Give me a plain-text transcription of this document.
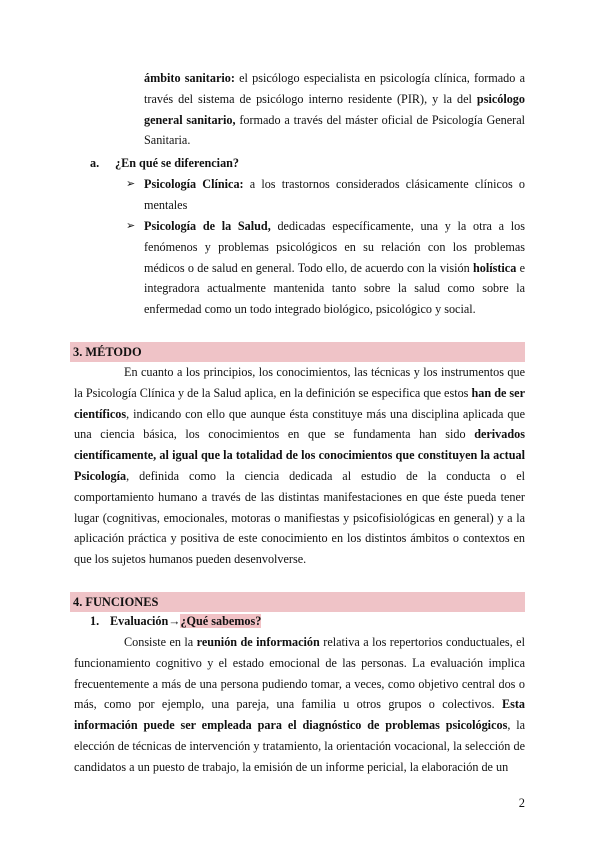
ámbito sanitario: el psicólogo especialista en psicología clínica, formado a través del sistema de psicólogo interno residente (PIR), y la del psicólogo general sanitario, formado a través del máster oficial de Psicología General Sanitaria.

a. ¿En qué se diferencian?
➢ Psicología Clínica: a los trastornos considerados clásicamente clínicos o mentales

➢ Psicología de la Salud, dedicadas específicamente, una y la otra a los fenómenos y problemas psicológicos en su relación con los problemas médicos o de salud en general. Todo ello, de acuerdo con la visión holística e integradora actualmente mantenida tanto sobre la salud como sobre la enfermedad como un todo integrado biológico, psicológico y social.

3. MÉTODO

En cuanto a los principios, los conocimientos, las técnicas y los instrumentos que la Psicología Clínica y de la Salud aplica, en la definición se especifica que estos han de ser científicos, indicando con ello que aunque ésta constituye más una disciplina aplicada que una ciencia básica, los conocimientos en que se fundamenta han sido derivados científicamente, al igual que la totalidad de los conocimientos que constituyen la actual Psicología, definida como la ciencia dedicada al estudio de la conducta o el comportamiento humano a través de las distintas manifestaciones en que éste pueda tener lugar (cognitivas, emocionales, motoras o manifiestas y psicofisiológicas en general) y a la aplicación práctica y positiva de este conocimiento en los distintos ámbitos o contextos en que los sujetos humanos pueden desenvolverse.

4. FUNCIONES
1. Evaluación→¿Qué sabemos?

Consiste en la reunión de información relativa a los repertorios conductuales, el funcionamiento cognitivo y el estado emocional de las personas. La evaluación implica frecuentemente a más de una persona pudiendo tomar, a veces, como objetivo central dos o más, como por ejemplo, una pareja, una familia u otros grupos o colectivos. Esta información puede ser empleada para el diagnóstico de problemas psicológicos, la elección de técnicas de intervención y tratamiento, la orientación vocacional, la selección de candidatos a un puesto de trabajo, la emisión de un informe pericial, la elaboración de un

2
